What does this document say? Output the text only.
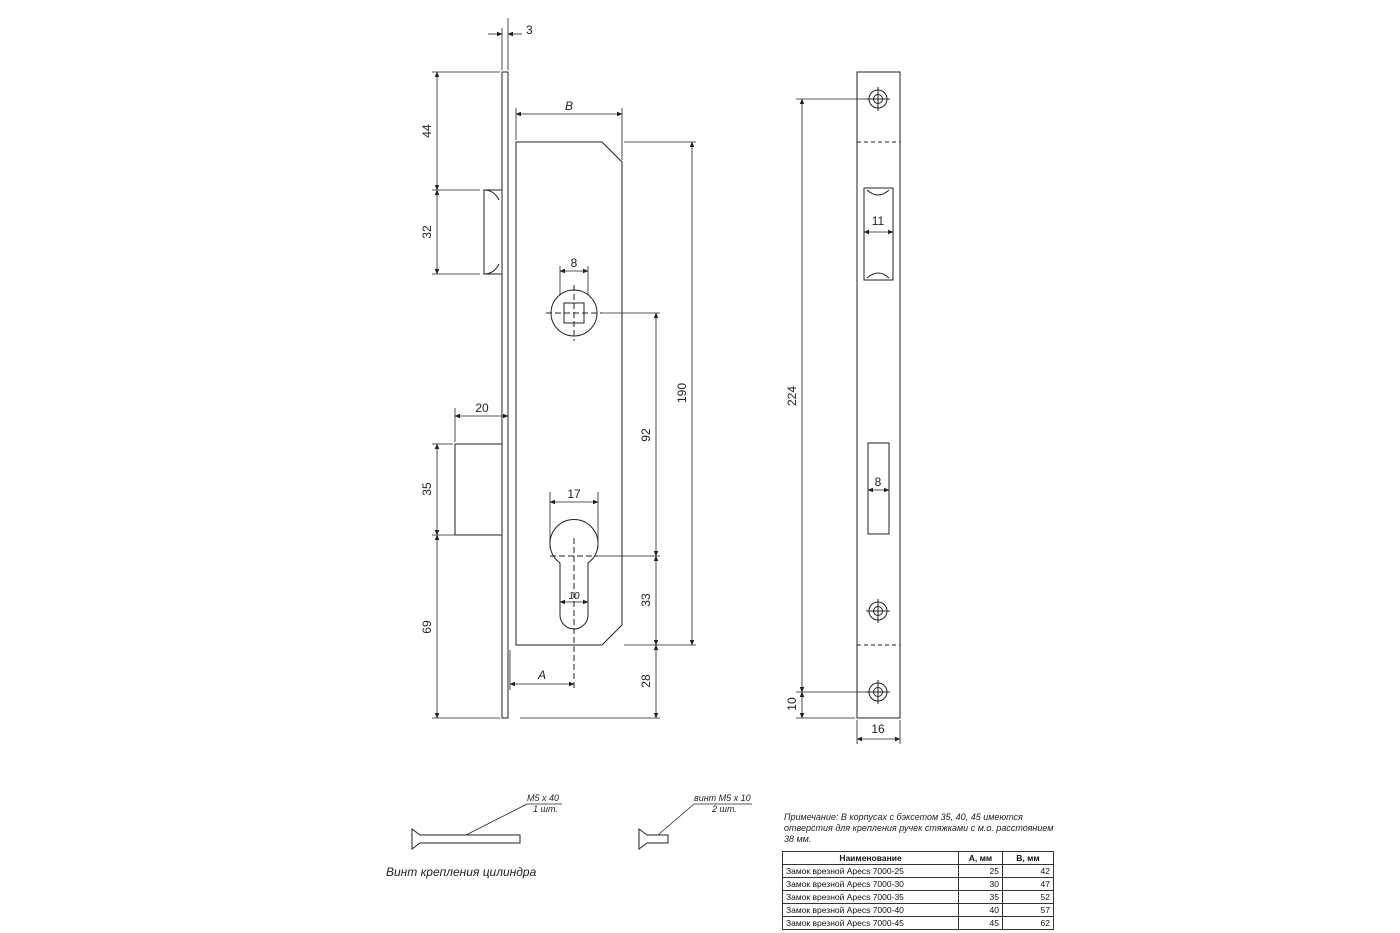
3
44
32
B
8
190
92
20
35	17
10	33
69
A	28
224
11
8
10
16
M5 x 40
1 шт.
винт M5 x 10
2 шт.
Винт крепления цилиндра
Примечание: В корпусах с бэксетом 35, 40, 45 имеются отверстия для крепления ручек стяжками с м.о. расстоянием 38 мм.
Наименование	A, мм	B, мм
Замок врезной Apecs 7000-25	25	42
Замок врезной Apecs 7000-30	30	47
Замок врезной Apecs 7000-35	35	52
Замок врезной Apecs 7000-40	40	57
Замок врезной Apecs 7000-45	45	62
